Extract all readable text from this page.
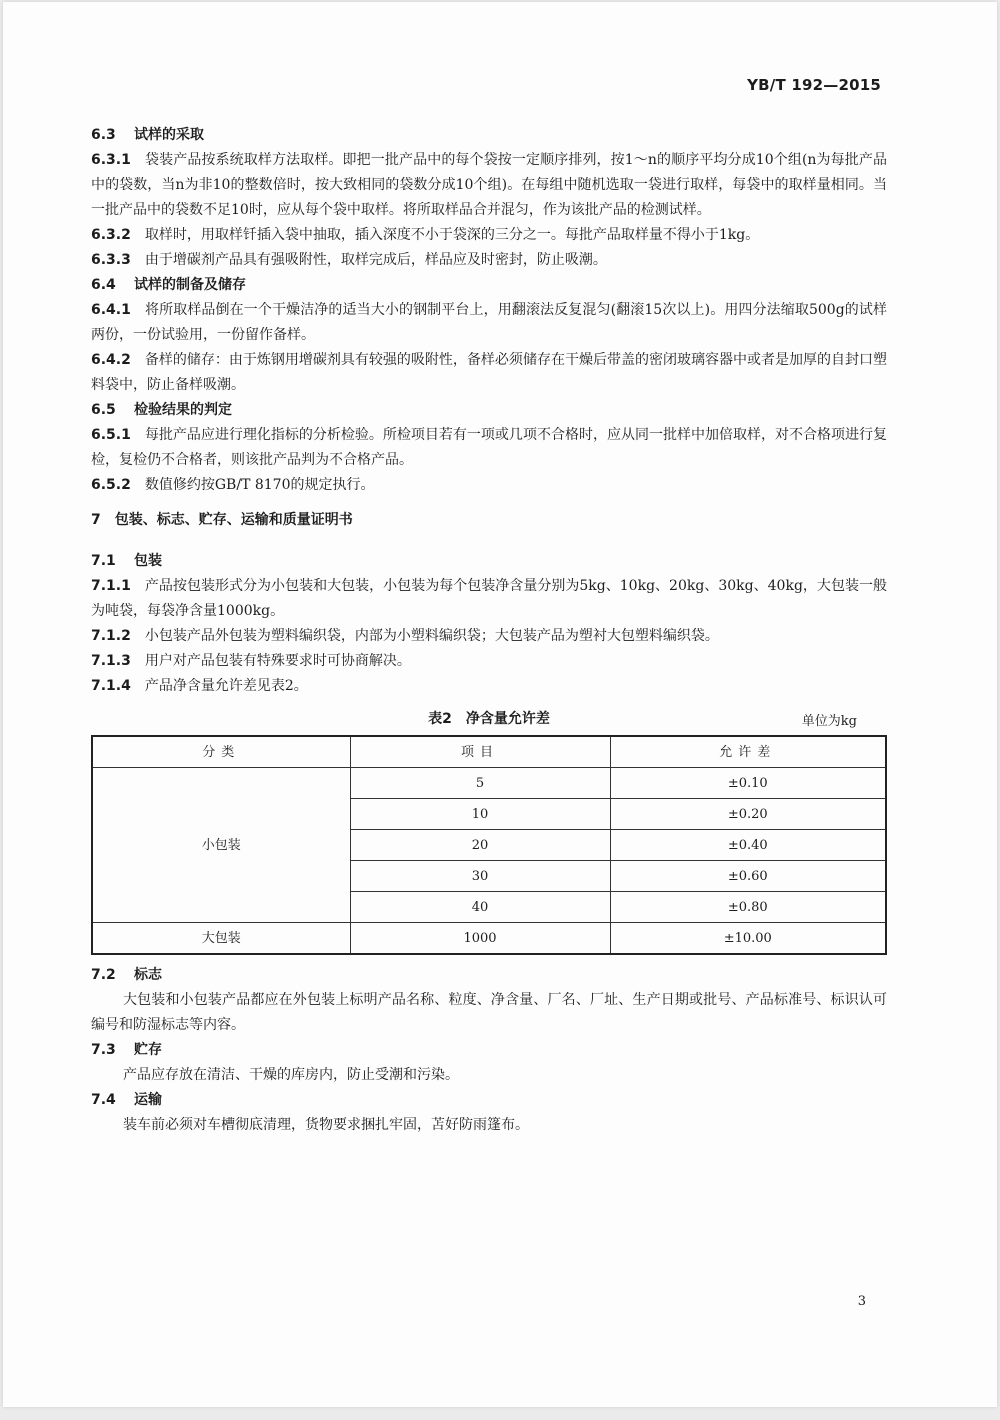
YB/T 192—2015
6.3 试样的采取
6.3.1 袋装产品按系统取样方法取样。即把一批产品中的每个袋按一定顺序排列，按1～n的顺序平均分成10个组(n为每批产品中的袋数，当n为非10的整数倍时，按大致相同的袋数分成10个组)。在每组中随机选取一袋进行取样，每袋中的取样量相同。当一批产品中的袋数不足10时，应从每个袋中取样。将所取样品合并混匀，作为该批产品的检测试样。
6.3.2 取样时，用取样钎插入袋中抽取，插入深度不小于袋深的三分之一。每批产品取样量不得小于1kg。
6.3.3 由于增碳剂产品具有强吸附性，取样完成后，样品应及时密封，防止吸潮。
6.4 试样的制备及储存
6.4.1 将所取样品倒在一个干燥洁净的适当大小的钢制平台上，用翻滚法反复混匀(翻滚15次以上)。用四分法缩取500g的试样两份，一份试验用，一份留作备样。
6.4.2 备样的储存：由于炼钢用增碳剂具有较强的吸附性，备样必须储存在干燥后带盖的密闭玻璃容器中或者是加厚的自封口塑料袋中，防止备样吸潮。
6.5 检验结果的判定
6.5.1 每批产品应进行理化指标的分析检验。所检项目若有一项或几项不合格时，应从同一批样中加倍取样，对不合格项进行复检，复检仍不合格者，则该批产品判为不合格产品。
6.5.2 数值修约按GB/T 8170的规定执行。
7 包装、标志、贮存、运输和质量证明书
7.1 包装
7.1.1 产品按包装形式分为小包装和大包装，小包装为每个包装净含量分别为5kg、10kg、20kg、30kg、40kg，大包装一般为吨袋，每袋净含量1000kg。
7.1.2 小包装产品外包装为塑料编织袋，内部为小塑料编织袋；大包装产品为塑衬大包塑料编织袋。
7.1.3 用户对产品包装有特殊要求时可协商解决。
7.1.4 产品净含量允许差见表2。
表2　净含量允许差	单位为kg
分类	项目	允许差
小包装	5	±0.10
	10	±0.20
	20	±0.40
	30	±0.60
	40	±0.80
大包装	1000	±10.00
7.2 标志
大包装和小包装产品都应在外包装上标明产品名称、粒度、净含量、厂名、厂址、生产日期或批号、产品标准号、标识认可编号和防湿标志等内容。
7.3 贮存
产品应存放在清洁、干燥的库房内，防止受潮和污染。
7.4 运输
装车前必须对车槽彻底清理，货物要求捆扎牢固，苫好防雨篷布。
3
